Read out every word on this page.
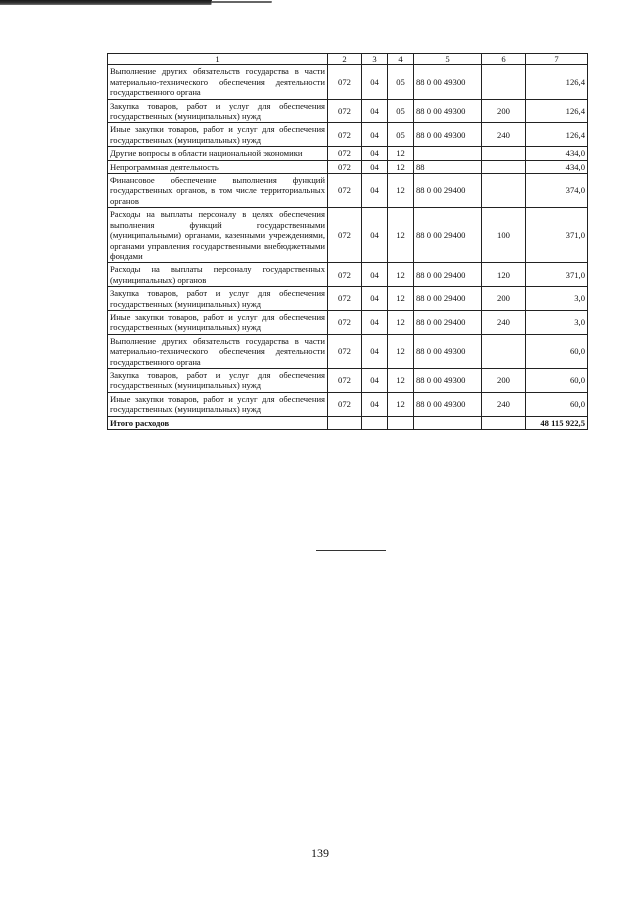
1	2	3	4	5	6	7
Выполнение других обязательств государства в части материально-технического обеспечения деятельности государственного органа	072	04	05	88 0 00 49300		126,4
Закупка товаров, работ и услуг для обеспечения государственных (муниципальных) нужд	072	04	05	88 0 00 49300	200	126,4
Иные закупки товаров, работ и услуг для обеспечения государственных (муниципальных) нужд	072	04	05	88 0 00 49300	240	126,4
Другие вопросы в области национальной экономики	072	04	12			434,0
Непрограммная деятельность	072	04	12	88		434,0
Финансовое обеспечение выполнения функций государственных органов, в том числе территориальных органов	072	04	12	88 0 00 29400		374,0
Расходы на выплаты персоналу в целях обеспечения выполнения функций государственными (муниципальными) органами, казенными учреждениями, органами управления государственными внебюджетными фондами	072	04	12	88 0 00 29400	100	371,0
Расходы на выплаты персоналу государственных (муниципальных) органов	072	04	12	88 0 00 29400	120	371,0
Закупка товаров, работ и услуг для обеспечения государственных (муниципальных) нужд	072	04	12	88 0 00 29400	200	3,0
Иные закупки товаров, работ и услуг для обеспечения государственных (муниципальных) нужд	072	04	12	88 0 00 29400	240	3,0
Выполнение других обязательств государства в части материально-технического обеспечения деятельности государственного органа	072	04	12	88 0 00 49300		60,0
Закупка товаров, работ и услуг для обеспечения государственных (муниципальных) нужд	072	04	12	88 0 00 49300	200	60,0
Иные закупки товаров, работ и услуг для обеспечения государственных (муниципальных) нужд	072	04	12	88 0 00 49300	240	60,0
Итого расходов						48 115 922,5
139
